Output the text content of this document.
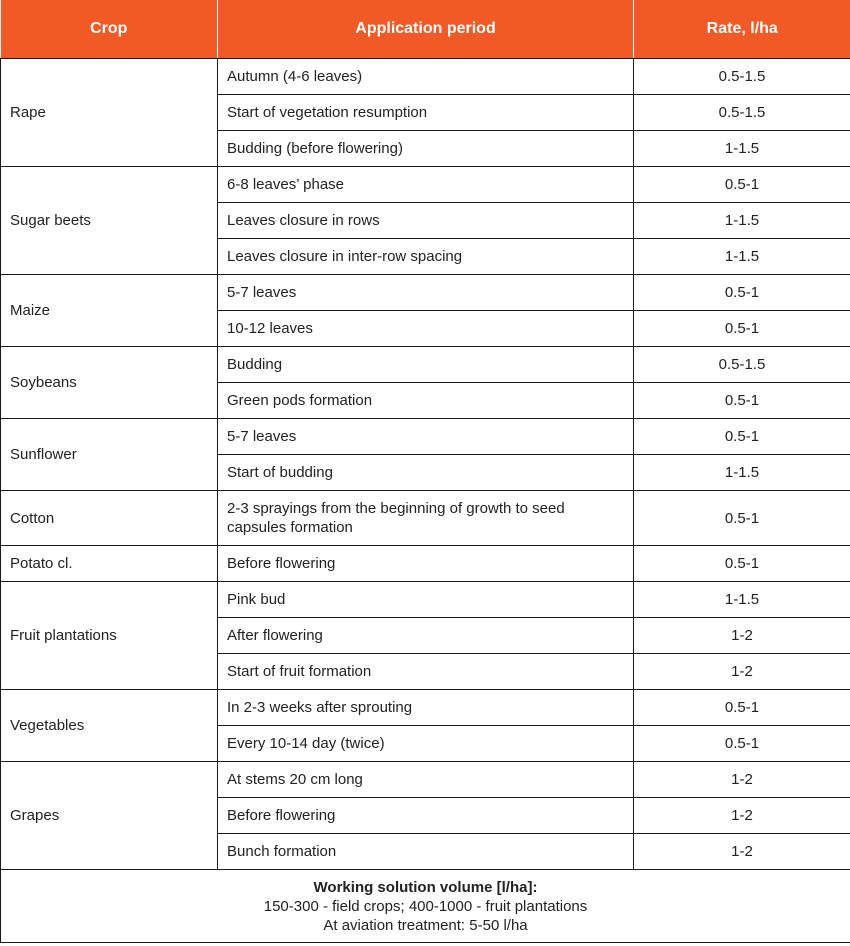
Crop	Application period	Rate, l/ha
Rape	Autumn (4-6 leaves)	0.5-1.5
	Start of vegetation resumption	0.5-1.5
	Budding (before flowering)	1-1.5
Sugar beets	6-8 leaves’ phase	0.5-1
	Leaves closure in rows	1-1.5
	Leaves closure in inter-row spacing	1-1.5
Maize	5-7 leaves	0.5-1
	10-12 leaves	0.5-1
Soybeans	Budding	0.5-1.5
	Green pods formation	0.5-1
Sunflower	5-7 leaves	0.5-1
	Start of budding	1-1.5
Cotton	2-3 sprayings from the beginning of growth to seed capsules formation	0.5-1
Potato cl.	Before flowering	0.5-1
Fruit plantations	Pink bud	1-1.5
	After flowering	1-2
	Start of fruit formation	1-2
Vegetables	In 2-3 weeks after sprouting	0.5-1
	Every 10-14 day (twice)	0.5-1
Grapes	At stems 20 cm long	1-2
	Before flowering	1-2
	Bunch formation	1-2

Working solution volume [l/ha]:
150-300 - field crops; 400-1000 - fruit plantations
At aviation treatment: 5-50 l/ha		
